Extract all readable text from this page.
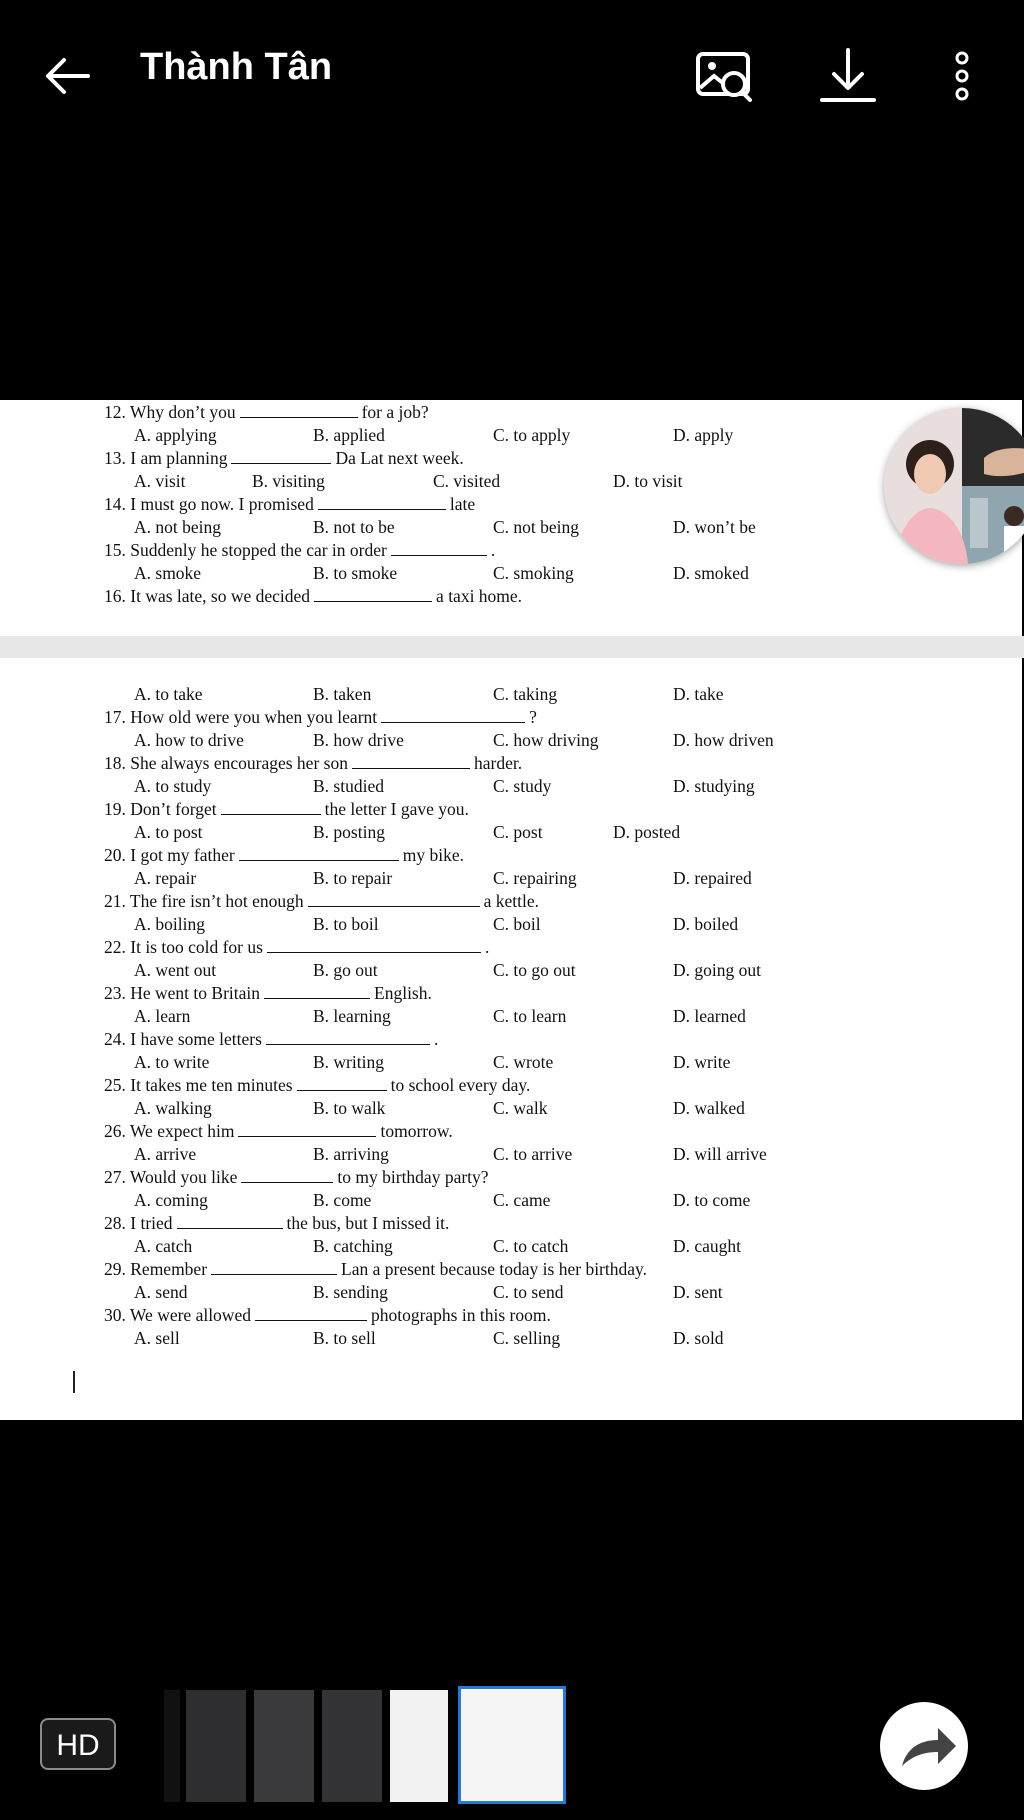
Thành Tân
12. Why don’t you	for a job?
A. applying	B. applied	C. to apply	D. apply
13. I am planning	Da Lat next week.
A. visit	B. visiting	C. visited	D. to visit
14. I must go now. I promised	late
A. not being	B. not to be	C. not being	D. won’t be
15. Suddenly he stopped the car in order	.
A. smoke	B. to smoke	C. smoking	D. smoked
16. It was late, so we decided	a taxi home.
A. to take	B. taken	C. taking	D. take
17. How old were you when you learnt	?
A. how to drive	B. how drive	C. how driving	D. how driven
18. She always encourages her son	harder.
A. to study	B. studied	C. study	D. studying
19. Don’t forget	the letter I gave you.
A. to post	B. posting	C. post	D. posted
20. I got my father	my bike.
A. repair	B. to repair	C. repairing	D. repaired
21. The fire isn’t hot enough	a kettle.
A. boiling	B. to boil	C. boil	D. boiled
22. It is too cold for us	.
A. went out	B. go out	C. to go out	D. going out
23. He went to Britain	English.
A. learn	B. learning	C. to learn	D. learned
24. I have some letters	.
A. to write	B. writing	C. wrote	D. write
25. It takes me ten minutes	to school every day.
A. walking	B. to walk	C. walk	D. walked
26. We expect him	tomorrow.
A. arrive	B. arriving	C. to arrive	D. will arrive
27. Would you like	to my birthday party?
A. coming	B. come	C. came	D. to come
28. I tried	the bus, but I missed it.
A. catch	B. catching	C. to catch	D. caught
29. Remember	Lan a present because today is her birthday.
A. send	B. sending	C. to send	D. sent
30. We were allowed	photographs in this room.
A. sell	B. to sell	C. selling	D. sold
HD
